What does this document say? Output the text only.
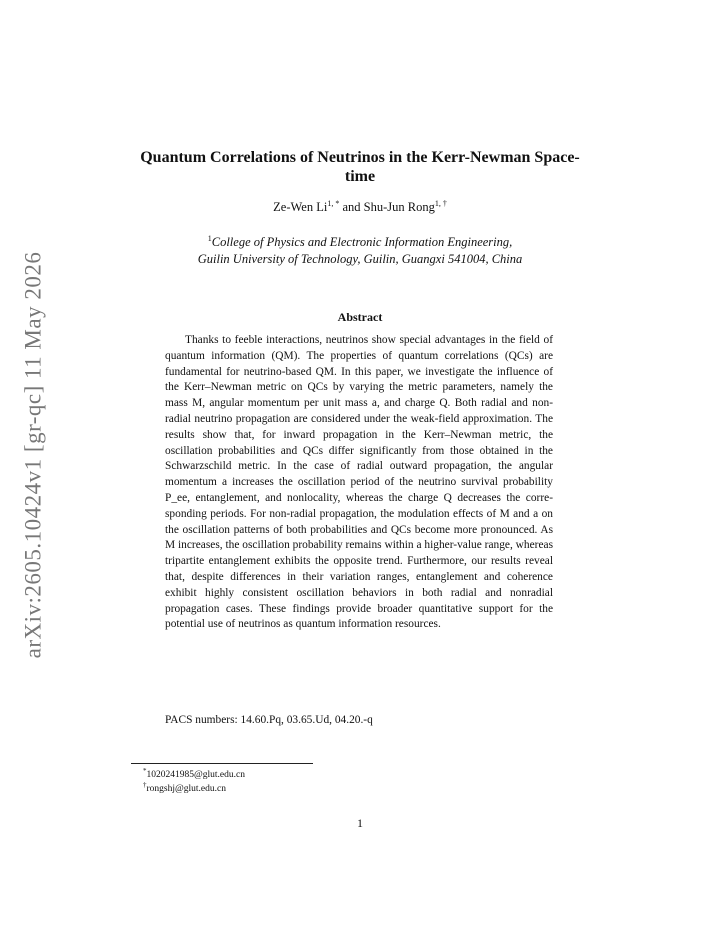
arXiv:2605.10424v1 [gr-qc] 11 May 2026
Quantum Correlations of Neutrinos in the Kerr-Newman Space-time
Ze-Wen $Li^{1, *}$ and Shu-Jun Rong$^{1, \dagger}$
$^1$College of Physics and Electronic Information Engineering,
Guilin University of Technology, Guilin, Guangxi 541004, China
Abstract

Thanks to feeble interactions, neutrinos show special advantages in the field of quantum information (QM). The properties of quantum correlations (QCs) are fundamental for neutrino-based QM. In this paper, we investigate the influence of the Kerr–Newman metric on QCs by varying the metric parameters, namely the mass M, angular momentum per unit mass a, and charge Q. Both radial and non-radial neutrino propagation are considered under the weak-field approximation. The results show that, for inward propagation in the Kerr–Newman metric, the oscillation probabilities and QCs differ significantly from those obtained in the Schwarzschild metric. In the case of radial outward propagation, the angular momentum a increases the oscillation period of the neutrino survival probability P_ee, entanglement, and nonlocality, whereas the charge Q decreases the corresponding periods. For non-radial propagation, the modulation effects of M and a on the oscillation patterns of both probabilities and QCs become more pronounced. As M increases, the oscillation probability remains within a higher-value range, whereas tripartite entanglement exhibits the opposite trend. Furthermore, our results reveal that, despite differences in their variation ranges, entanglement and coherence exhibit highly consistent oscillation behaviors in both radial and nonradial propagation cases. These findings provide broader quantitative support for the potential use of neutrinos as quantum information resources.

PACS numbers: 14.60.Pq, 03.65.Ud, 04.20.-q
*1020241985@glut.edu.cn
†rongshj@glut.edu.cn
1
